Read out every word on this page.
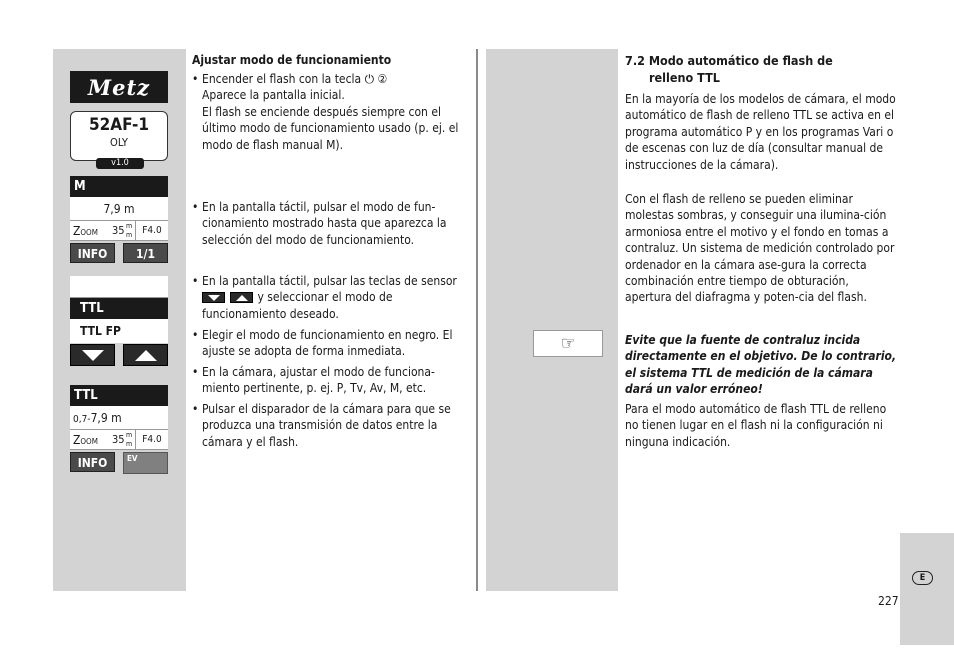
Metz
52AF-1
OLY
v1.0
M
7,9 m
Zoom 35 m
m	F4.0
INFO	1/1
TTL
TTL FP
TTL
0,7-7,9 m
Zoom 35 m
m	F4.0
INFO	EV
Ajustar modo de funcionamiento
• Encender el flash con la tecla ⏻ ②
Aparece la pantalla inicial.
El flash se enciende después siempre con el último modo de funcionamiento usado (p. ej. el modo de flash manual M).
• En la pantalla táctil, pulsar el modo de fun-cionamiento mostrado hasta que aparezca la selección del modo de funcionamiento.
• En la pantalla táctil, pulsar las teclas de sensor
y seleccionar el modo de funcionamiento deseado.
• Elegir el modo de funcionamiento en negro. El ajuste se adopta de forma inmediata.
• En la cámara, ajustar el modo de funciona-miento pertinente, p. ej. P, Tv, Av, M, etc.
• Pulsar el disparador de la cámara para que se produzca una transmisión de datos entre la cámara y el flash.
☞
7.2 Modo automático de flash de
relleno TTL
En la mayoría de los modelos de cámara, el modo automático de flash de relleno TTL se activa en el programa automático P y en los programas Vari o de escenas con luz de día (consultar manual de instrucciones de la cámara).
Con el flash de relleno se pueden eliminar molestas sombras, y conseguir una ilumina-ción armoniosa entre el motivo y el fondo en tomas a contraluz. Un sistema de medición controlado por ordenador en la cámara ase-gura la correcta combinación entre tiempo de obturación, apertura del diafragma y poten-cia del flash.
Evite que la fuente de contraluz incida directamente en el objetivo. De lo contrario, el sistema TTL de medición de la cámara dará un valor erróneo!
Para el modo automático de flash TTL de relleno no tienen lugar en el flash ni la configuración ni ninguna indicación.
E
227
